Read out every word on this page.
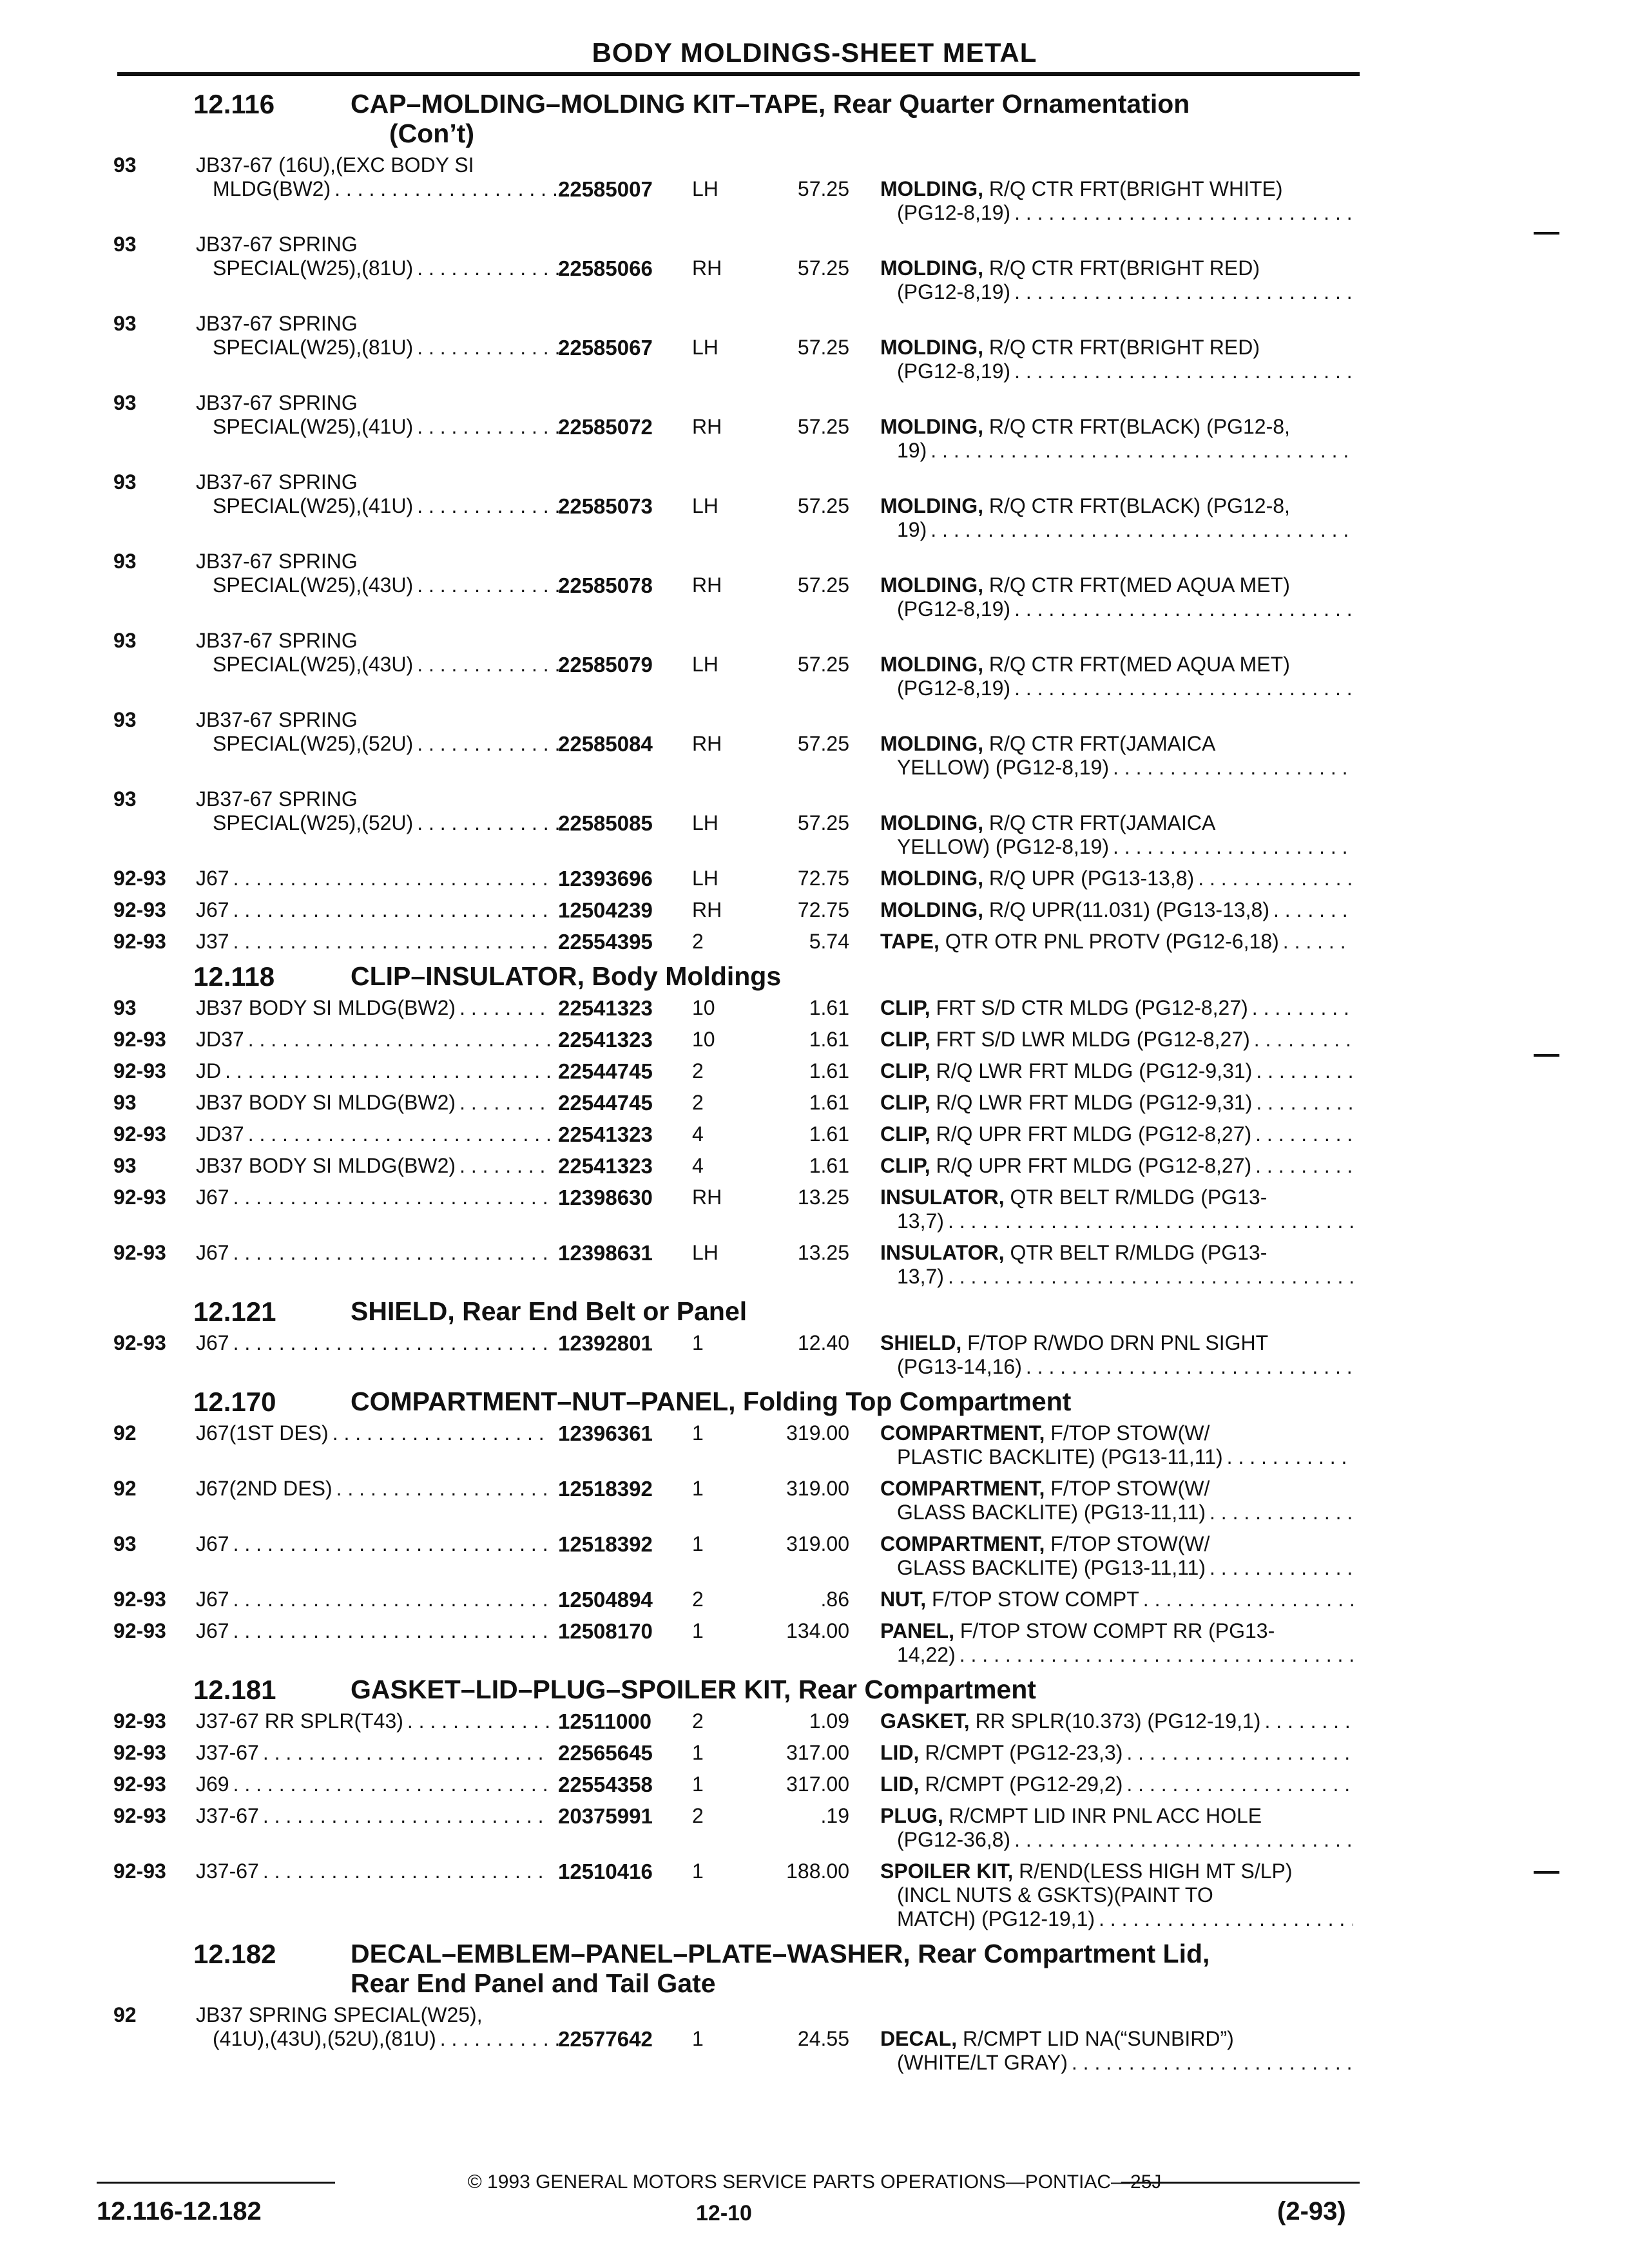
BODY MOLDINGS-SHEET METAL
12.116	CAP–MOLDING–MOLDING KIT–TAPE, Rear Quarter Ornamentation
(Con’t)
93	JB37-67 (16U),(EXC BODY SI
MLDG(BW2) . . .	22585007 LH	57.25 MOLDING,
R/Q CTR FRT(BRIGHT WHITE)
(PG12-8,19)
. . .
93	JB37-67 SPRING
SPECIAL(W25),(81U) . . .	22585066 RH	57.25 MOLDING,
R/Q CTR FRT(BRIGHT RED)
(PG12-8,19)
. . .
93	JB37-67 SPRING
SPECIAL(W25),(81U) . . .	22585067 LH	57.25 MOLDING,
R/Q CTR FRT(BRIGHT RED)
(PG12-8,19)
. . .
93	JB37-67 SPRING
SPECIAL(W25),(41U) . . .	22585072 RH	57.25 MOLDING,
R/Q CTR FRT(BLACK) (PG12-8,
19)
. . .
93	JB37-67 SPRING
SPECIAL(W25),(41U) . . .	22585073 LH	57.25 MOLDING,
R/Q CTR FRT(BLACK) (PG12-8,
19)
. . .
93	JB37-67 SPRING
SPECIAL(W25),(43U) . . .	22585078 RH	57.25 MOLDING,
R/Q CTR FRT(MED AQUA MET)
(PG12-8,19)
. . .
93	JB37-67 SPRING
SPECIAL(W25),(43U) . . .	22585079 LH	57.25 MOLDING,
R/Q CTR FRT(MED AQUA MET)
(PG12-8,19)
. . .
93	JB37-67 SPRING
SPECIAL(W25),(52U) . . .	22585084 RH	57.25 MOLDING,
R/Q CTR FRT(JAMAICA
YELLOW) (PG12-8,19)
. . .
93	JB37-67 SPRING
SPECIAL(W25),(52U) . . .	22585085 LH	57.25 MOLDING,
R/Q CTR FRT(JAMAICA
YELLOW) (PG12-8,19)
. . .
92-93 J67 . . .	12393696 LH	72.75 MOLDING,
R/Q UPR (PG13-13,8)
. . .
92-93 J67 . . .	12504239 RH	72.75 MOLDING,
R/Q UPR(11.031) (PG13-13,8)
. . .
92-93 J37 . . .	22554395 2	5.74 TAPE,
QTR OTR PNL PROTV (PG12-6,18)
. . .
12.118	CLIP–INSULATOR, Body Moldings
93	JB37 BODY SI MLDG(BW2) . . .	22541323 10	1.61 CLIP,
FRT S/D CTR MLDG (PG12-8,27)
. . .
92-93 JD37 . . .	22541323 10	1.61 CLIP,
FRT S/D LWR MLDG (PG12-8,27)
. . .
92-93 JD . . .	22544745 2	1.61 CLIP,
R/Q LWR FRT MLDG (PG12-9,31)
. . .
93	JB37 BODY SI MLDG(BW2) . . .	22544745 2	1.61 CLIP,
R/Q LWR FRT MLDG (PG12-9,31)
. . .
92-93 JD37 . . .	22541323 4	1.61 CLIP,
R/Q UPR FRT MLDG (PG12-8,27)
. . .
93	JB37 BODY SI MLDG(BW2) . . .	22541323 4	1.61 CLIP,
R/Q UPR FRT MLDG (PG12-8,27)
. . .
92-93 J67 . . .	12398630 RH	13.25 INSULATOR,
QTR BELT R/MLDG (PG13-
13,7)
. . .
92-93 J67 . . .	12398631 LH	13.25 INSULATOR,
QTR BELT R/MLDG (PG13-
13,7)
. . .
12.121	SHIELD, Rear End Belt or Panel
92-93 J67 . . .	12392801 1	12.40 SHIELD,
F/TOP R/WDO DRN PNL SIGHT
(PG13-14,16)
. . .
12.170	COMPARTMENT–NUT–PANEL, Folding Top Compartment
92	J67(1ST DES) . . .	12396361 1	319.00 COMPARTMENT,
F/TOP STOW(W/
PLASTIC BACKLITE) (PG13-11,11)
. . .
92	J67(2ND DES) . . .	12518392 1	319.00 COMPARTMENT,
F/TOP STOW(W/
GLASS BACKLITE) (PG13-11,11)
. . .
93	J67 . . .	12518392 1	319.00 COMPARTMENT,
F/TOP STOW(W/
GLASS BACKLITE) (PG13-11,11)
. . .
92-93 J67 . . .	12504894 2	.86 NUT,
F/TOP STOW COMPT
. . .
92-93 J67 . . .	12508170 1	134.00 PANEL,
F/TOP STOW COMPT RR (PG13-
14,22)
. . .
12.181	GASKET–LID–PLUG–SPOILER KIT, Rear Compartment
92-93 J37-67 RR SPLR(T43) . . .	12511000 2	1.09 GASKET,
RR SPLR(10.373) (PG12-19,1)
. . .
92-93 J37-67 . . .	22565645 1	317.00 LID,
R/CMPT (PG12-23,3)
. . .
92-93 J69 . . .	22554358 1	317.00 LID,
R/CMPT (PG12-29,2)
. . .
92-93 J37-67 . . .	20375991 2	.19 PLUG,
R/CMPT LID INR PNL ACC HOLE
(PG12-36,8)
. . .
92-93 J37-67 . . .	12510416 1	188.00 SPOILER KIT,
R/END(LESS HIGH MT S/LP)
(INCL NUTS & GSKTS)(PAINT TO
MATCH) (PG12-19,1)
. . .
12.182	DECAL–EMBLEM–PANEL–PLATE–WASHER, Rear Compartment Lid,
Rear End Panel and Tail Gate
92	JB37 SPRING SPECIAL(W25),
(41U),(43U),(52U),(81U) . . .	22577642 1	24.55 DECAL,
R/CMPT LID NA(“SUNBIRD”)
(WHITE/LT GRAY)
. . .
© 1993 GENERAL MOTORS SERVICE PARTS OPERATIONS—PONTIAC—25J
12.116-12.182	12-10	(2-93)
